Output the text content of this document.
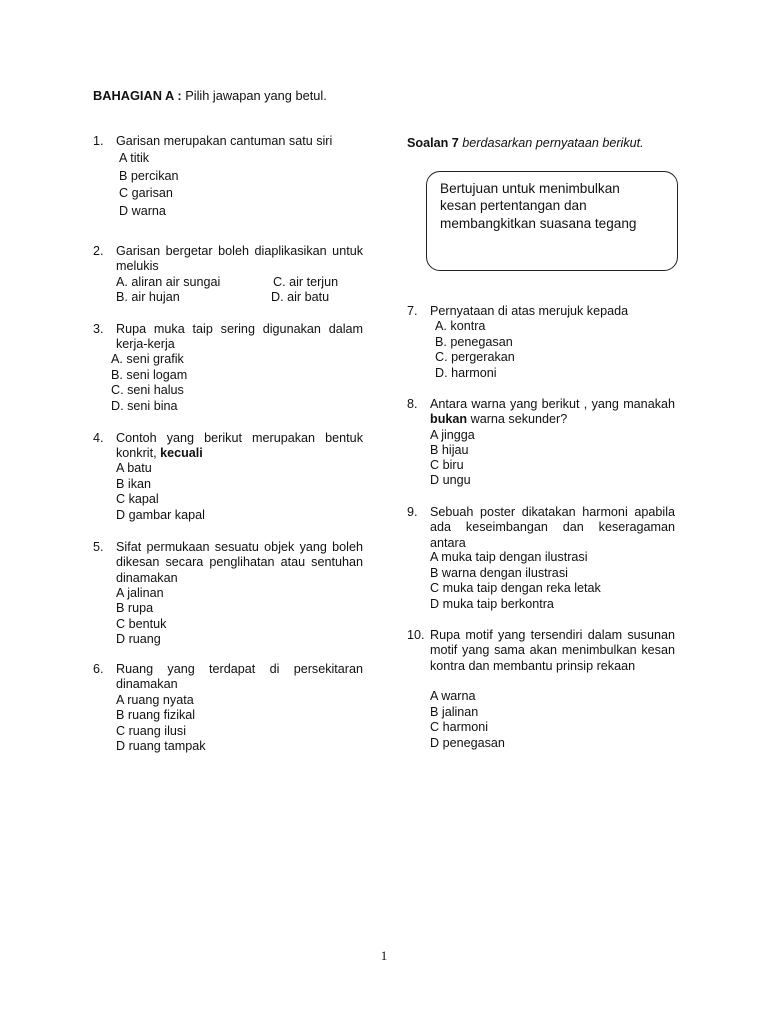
BAHAGIAN A : Pilih jawapan yang betul.
1. Garisan merupakan cantuman satu siri
A titik
B percikan
C garisan
D warna
2. Garisan bergetar boleh diaplikasikan untuk melukis
A. aliran air sungai	C. air terjun
B. air hujan	D. air batu
3. Rupa muka taip sering digunakan dalam kerja-kerja
A. seni grafik
B. seni logam
C. seni halus
D. seni bina
4. Contoh yang berikut merupakan bentuk konkrit, kecuali
A batu
B ikan
C kapal
D gambar kapal
5. Sifat permukaan sesuatu objek yang boleh dikesan secara penglihatan atau sentuhan dinamakan
A jalinan
B rupa
C bentuk
D ruang
6. Ruang yang terdapat di persekitaran dinamakan
A ruang nyata
B ruang fizikal
C ruang ilusi
D ruang tampak
Soalan 7 berdasarkan pernyataan berikut.
Bertujuan untuk menimbulkan kesan pertentangan dan membangkitkan suasana tegang
7. Pernyataan di atas merujuk kepada
A. kontra
B. penegasan
C. pergerakan
D. harmoni
8. Antara warna yang berikut , yang manakah bukan warna sekunder?
A jingga
B hijau
C biru
D ungu
9. Sebuah poster dikatakan harmoni apabila ada keseimbangan dan keseragaman antara
A muka taip dengan ilustrasi
B warna dengan ilustrasi
C muka taip dengan reka letak
D muka taip berkontra
10. Rupa motif yang tersendiri dalam susunan motif yang sama akan menimbulkan kesan kontra dan membantu prinsip rekaan
A warna
B jalinan
C harmoni
D penegasan
1
